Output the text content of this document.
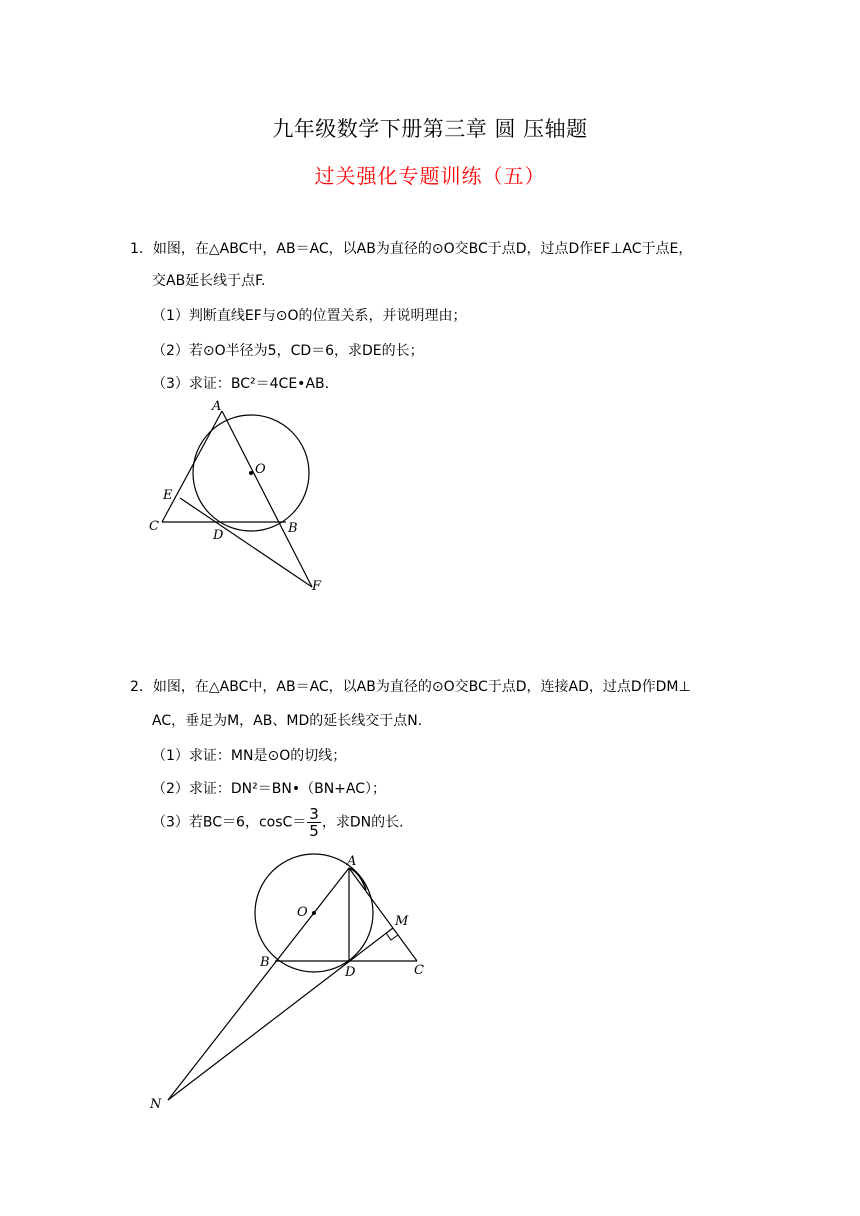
九年级数学下册第三章 圆 压轴题
过关强化专题训练（五）
1．如图，在△ABC中，AB＝AC，以AB为直径的⊙O交BC于点D，过点D作EF⊥AC于点E，
交AB延长线于点F.
（1）判断直线EF与⊙O的位置关系，并说明理由；
（2）若⊙O半径为5，CD＝6，求DE的长；
（3）求证：BC²＝4CE•AB.
A
O
E
C
D	B
F
2．如图，在△ABC中，AB＝AC，以AB为直径的⊙O交BC于点D，连接AD，过点D作DM⊥
AC，垂足为M，AB、MD的延长线交于点N.
（1）求证：MN是⊙O的切线；
（2）求证：DN²＝BN•（BN+AC）；
（3）若BC＝6，$\cos C= \frac{3}{5}$ ，求DN的长.
A
O
M
B
D	C
N
